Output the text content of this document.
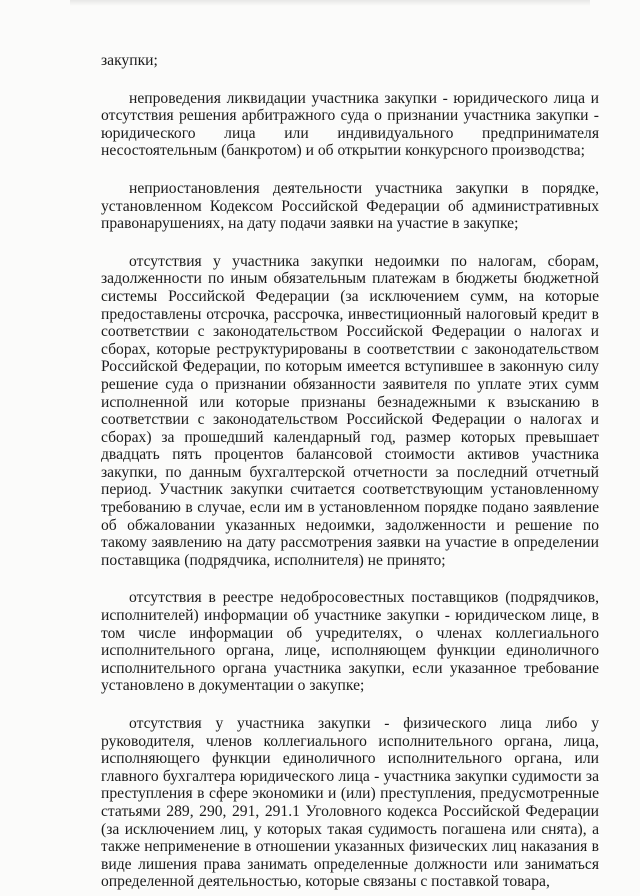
закупки;

непроведения ликвидации участника закупки - юридического лица и отсутствия решения арбитражного суда о признании участника закупки - юридического лица или индивидуального предпринимателя несостоятельным (банкротом) и об открытии конкурсного производства;

неприостановления деятельности участника закупки в порядке, установленном Кодексом Российской Федерации об административных правонарушениях, на дату подачи заявки на участие в закупке;

отсутствия у участника закупки недоимки по налогам, сборам, задолженности по иным обязательным платежам в бюджеты бюджетной системы Российской Федерации (за исключением сумм, на которые предоставлены отсрочка, рассрочка, инвестиционный налоговый кредит в соответствии с законодательством Российской Федерации о налогах и сборах, которые реструктурированы в соответствии с законодательством Российской Федерации, по которым имеется вступившее в законную силу решение суда о признании обязанности заявителя по уплате этих сумм исполненной или которые признаны безнадежными к взысканию в соответствии с законодательством Российской Федерации о налогах и сборах) за прошедший календарный год, размер которых превышает двадцать пять процентов балансовой стоимости активов участника закупки, по данным бухгалтерской отчетности за последний отчетный период. Участник закупки считается соответствующим установленному требованию в случае, если им в установленном порядке подано заявление об обжаловании указанных недоимки, задолженности и решение по такому заявлению на дату рассмотрения заявки на участие в определении поставщика (подрядчика, исполнителя) не принято;

отсутствия в реестре недобросовестных поставщиков (подрядчиков, исполнителей) информации об участнике закупки - юридическом лице, в том числе информации об учредителях, о членах коллегиального исполнительного органа, лице, исполняющем функции единоличного исполнительного органа участника закупки, если указанное требование установлено в документации о закупке;

отсутствия у участника закупки - физического лица либо у руководителя, членов коллегиального исполнительного органа, лица, исполняющего функции единоличного исполнительного органа, или главного бухгалтера юридического лица - участника закупки судимости за преступления в сфере экономики и (или) преступления, предусмотренные статьями 289, 290, 291, 291.1 Уголовного кодекса Российской Федерации (за исключением лиц, у которых такая судимость погашена или снята), а также неприменение в отношении указанных физических лиц наказания в виде лишения права занимать определенные должности или заниматься определенной деятельностью, которые связаны с поставкой товара,
